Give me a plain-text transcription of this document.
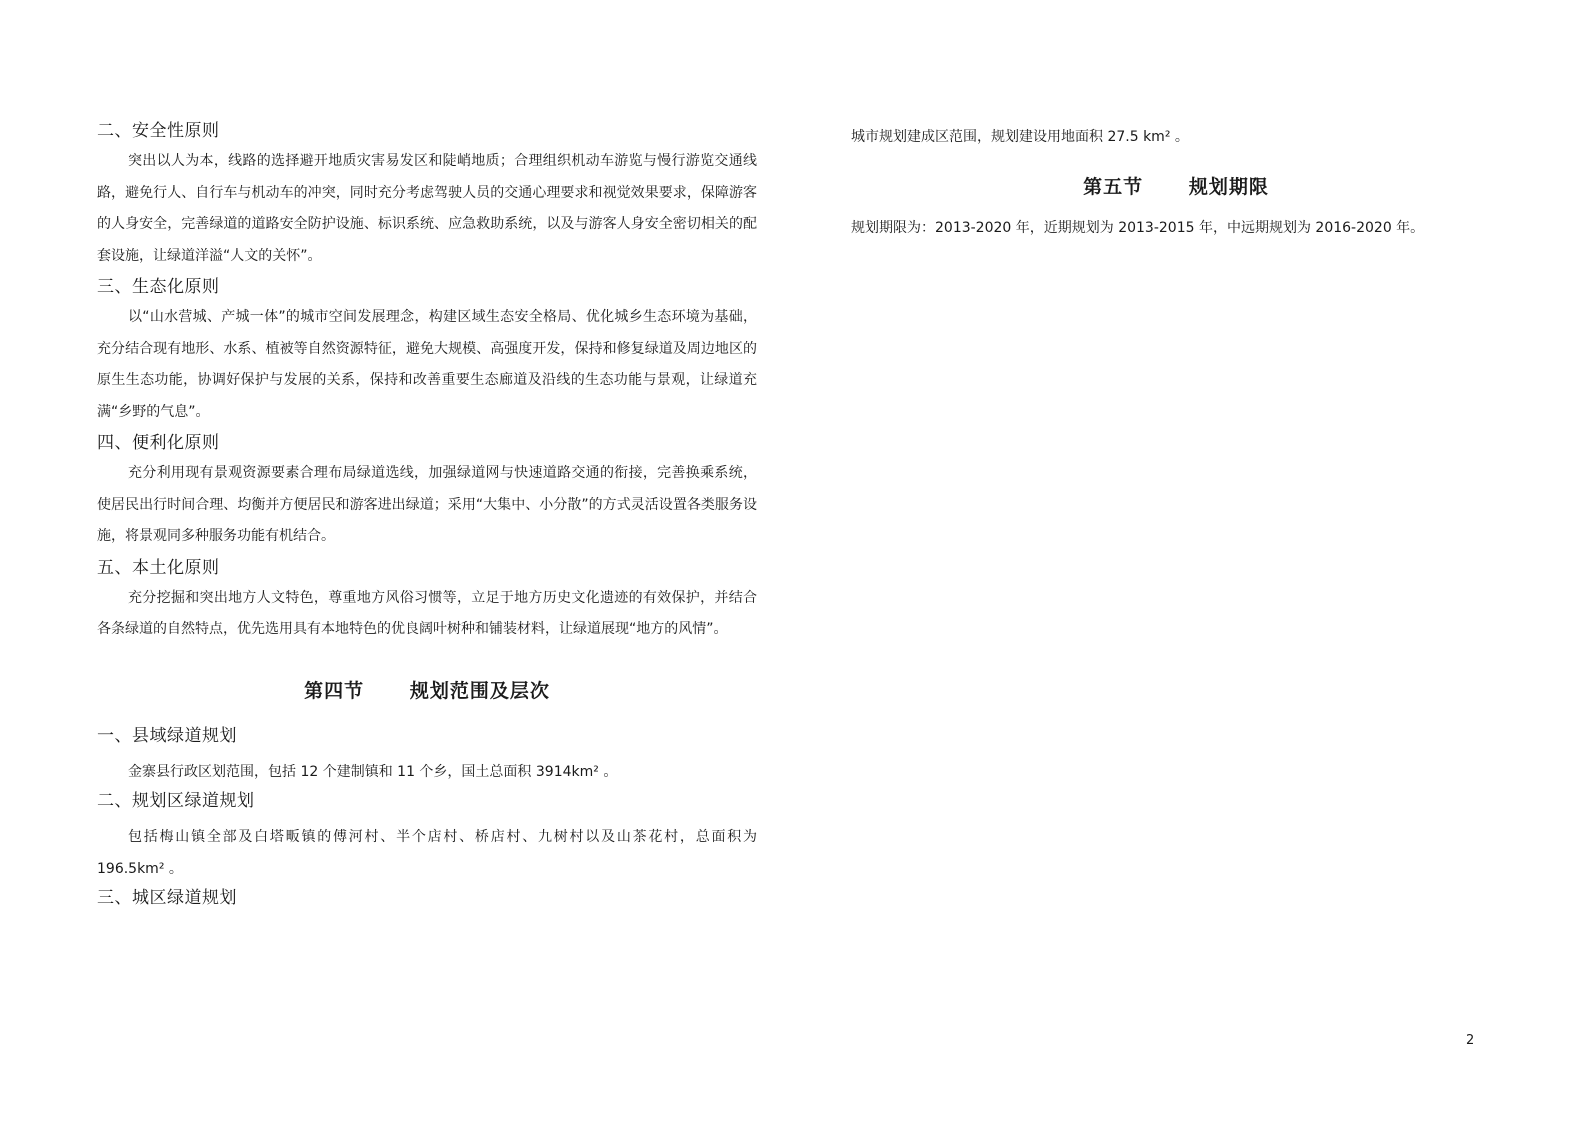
二、安全性原则

突出以人为本，线路的选择避开地质灾害易发区和陡峭地质；合理组织机动车游览与慢行游览交通线路，避免行人、自行车与机动车的冲突，同时充分考虑驾驶人员的交通心理要求和视觉效果要求，保障游客的人身安全，完善绿道的道路安全防护设施、标识系统、应急救助系统，以及与游客人身安全密切相关的配套设施，让绿道洋溢“人文的关怀”。

三、生态化原则

以“山水营城、产城一体”的城市空间发展理念，构建区域生态安全格局、优化城乡生态环境为基础，充分结合现有地形、水系、植被等自然资源特征，避免大规模、高强度开发，保持和修复绿道及周边地区的原生生态功能，协调好保护与发展的关系，保持和改善重要生态廊道及沿线的生态功能与景观，让绿道充满“乡野的气息”。

四、便利化原则

充分利用现有景观资源要素合理布局绿道选线，加强绿道网与快速道路交通的衔接，完善换乘系统，使居民出行时间合理、均衡并方便居民和游客进出绿道；采用“大集中、小分散”的方式灵活设置各类服务设施，将景观同多种服务功能有机结合。

五、本土化原则

充分挖掘和突出地方人文特色，尊重地方风俗习惯等，立足于地方历史文化遗迹的有效保护，并结合各条绿道的自然特点，优先选用具有本地特色的优良阔叶树种和铺装材料，让绿道展现“地方的风情”。

第四节      规划范围及层次

一、县域绿道规划

金寨县行政区划范围，包括 12 个建制镇和 11 个乡，国土总面积 3914km² 。

二、规划区绿道规划

包括梅山镇全部及白塔畈镇的傅河村、半个店村、桥店村、九树村以及山茶花村，总面积为 196.5km² 。

三、城区绿道规划

城市规划建成区范围，规划建设用地面积 27.5 km² 。

第五节      规划期限

规划期限为：2013-2020 年，近期规划为 2013-2015 年，中远期规划为 2016-2020 年。

2
